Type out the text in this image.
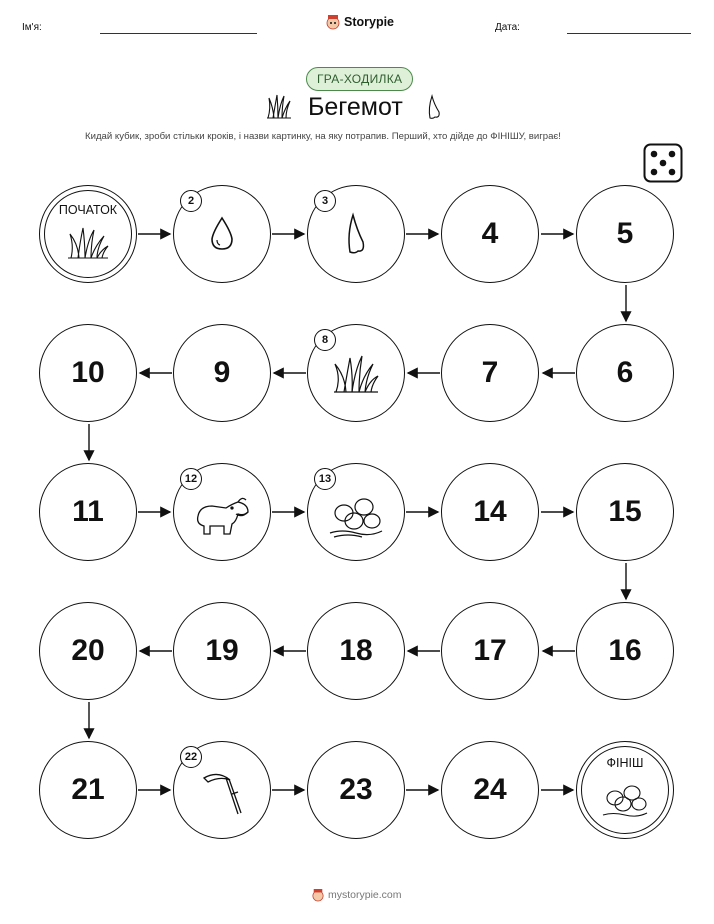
Ім'я:	Storypie	Дата:
ГРА-ХОДИЛКА
Бегемот
Кидай кубик, зроби стільки кроків, і назви картинку, на яку потрапив. Перший, хто дійде до ФІНІШУ, виграє!
ПОЧАТОК
2	3
4	5
6
7
8
9
10
11
12	13
14	15
16
17
18
19
20
21
22
23	24
ФІНІШ
mystorypie.com
